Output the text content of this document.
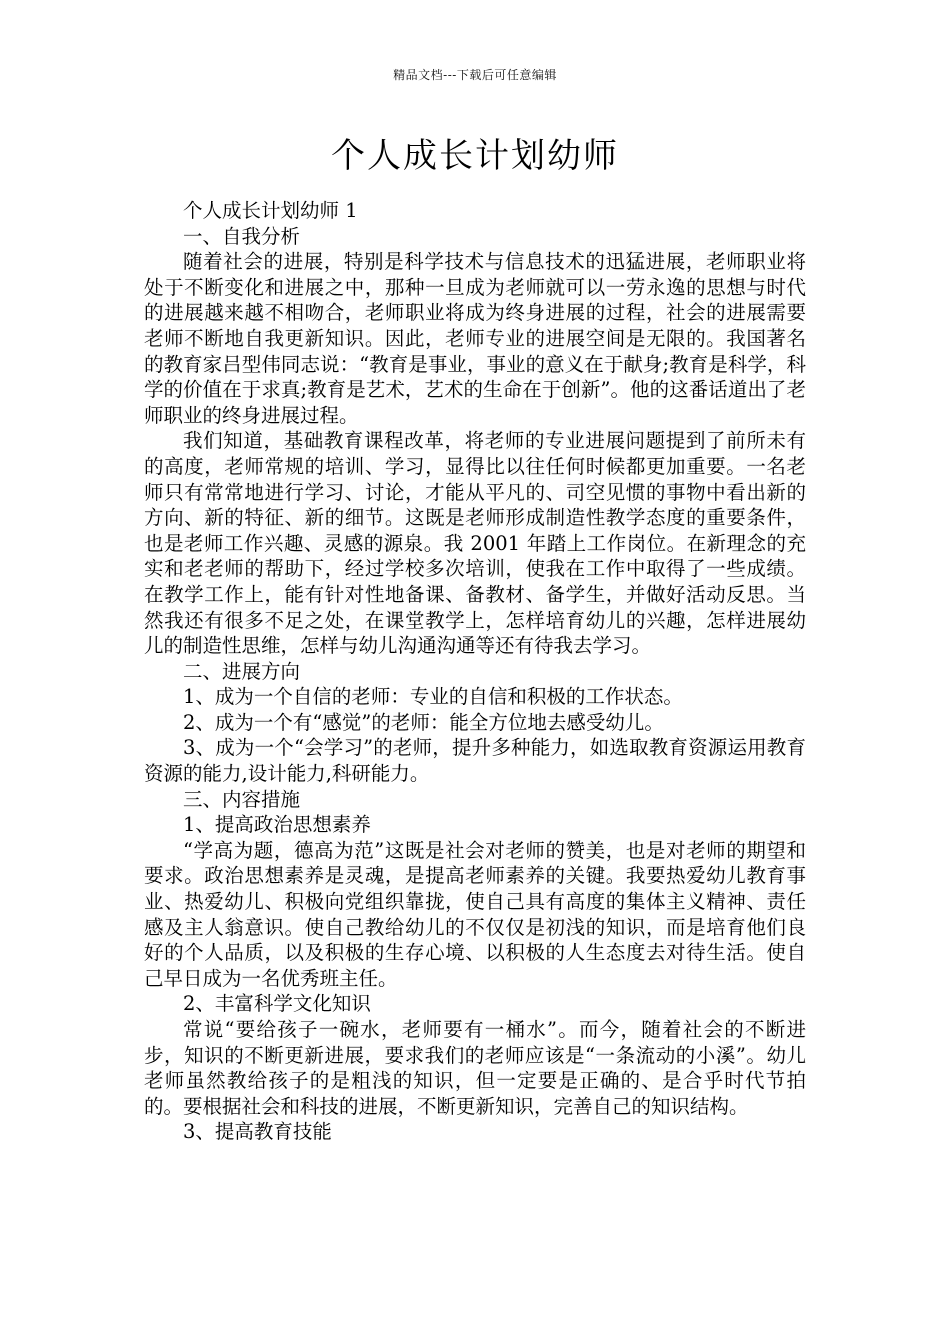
精品文档---下载后可任意编辑
个人成长计划幼师

个人成长计划幼师 1

一、自我分析

随着社会的进展，特别是科学技术与信息技术的迅猛进展，老师职业将处于不断变化和进展之中，那种一旦成为老师就可以一劳永逸的思想与时代的进展越来越不相吻合，老师职业将成为终身进展的过程，社会的进展需要老师不断地自我更新知识。因此，老师专业的进展空间是无限的。我国著名的教育家吕型伟同志说：“教育是事业，事业的意义在于献身;教育是科学，科学的价值在于求真;教育是艺术，艺术的生命在于创新”。他的这番话道出了老师职业的终身进展过程。

我们知道，基础教育课程改革，将老师的专业进展问题提到了前所未有的高度，老师常规的培训、学习，显得比以往任何时候都更加重要。一名老师只有常常地进行学习、讨论，才能从平凡的、司空见惯的事物中看出新的方向、新的特征、新的细节。这既是老师形成制造性教学态度的重要条件，也是老师工作兴趣、灵感的源泉。我 2001 年踏上工作岗位。在新理念的充实和老老师的帮助下，经过学校多次培训，使我在工作中取得了一些成绩。在教学工作上，能有针对性地备课、备教材、备学生，并做好活动反思。当然我还有很多不足之处，在课堂教学上，怎样培育幼儿的兴趣，怎样进展幼儿的制造性思维，怎样与幼儿沟通沟通等还有待我去学习。

二、进展方向

1、成为一个自信的老师：专业的自信和积极的工作状态。

2、成为一个有“感觉”的老师：能全方位地去感受幼儿。

3、成为一个“会学习”的老师，提升多种能力，如选取教育资源运用教育资源的能力,设计能力,科研能力。

三、内容措施

1、提高政治思想素养

“学高为题，德高为范”这既是社会对老师的赞美，也是对老师的期望和要求。政治思想素养是灵魂，是提高老师素养的关键。我要热爱幼儿教育事业、热爱幼儿、积极向党组织靠拢，使自己具有高度的集体主义精神、责任感及主人翁意识。使自己教给幼儿的不仅仅是初浅的知识，而是培育他们良好的个人品质，以及积极的生存心境、以积极的人生态度去对待生活。使自己早日成为一名优秀班主任。

2、丰富科学文化知识

常说“要给孩子一碗水，老师要有一桶水”。而今，随着社会的不断进步，知识的不断更新进展，要求我们的老师应该是“一条流动的小溪”。幼儿老师虽然教给孩子的是粗浅的知识，但一定要是正确的、是合乎时代节拍的。要根据社会和科技的进展，不断更新知识，完善自己的知识结构。

3、提高教育技能
